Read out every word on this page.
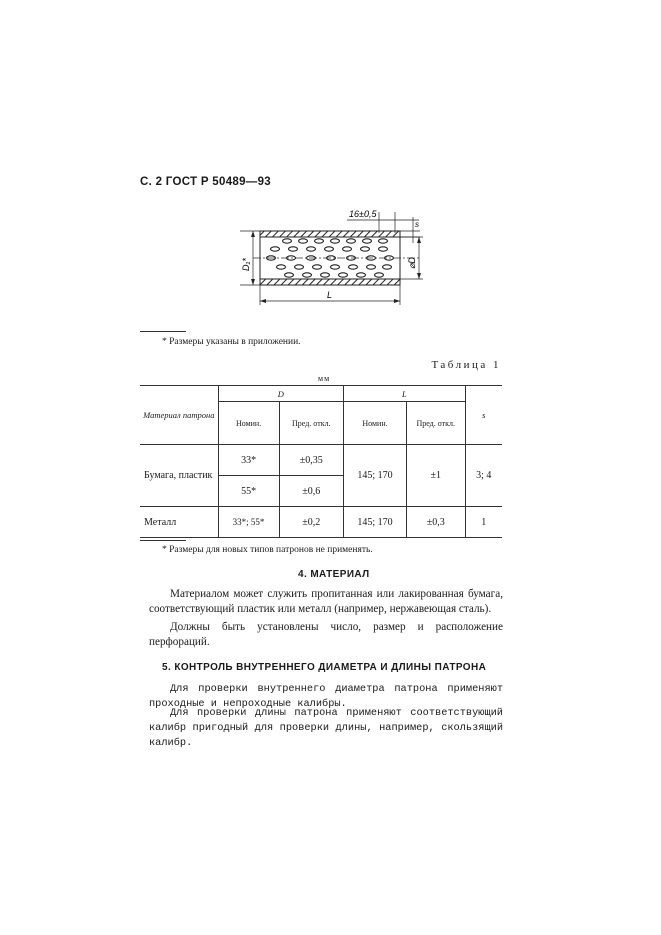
С. 2 ГОСТ Р 50489—93
16±0,5
s
D₁*	⌀D
L
* Размеры указаны в приложении.
Таблица 1
мм
Материал патрона	D		L		s
	Номин.	Пред. откл.	Номин.	Пред. откл.	
Бумага, пластик	33*	±0,35	145; 170	±1	3; 4
	55*	±0,6			
Металл	33*; 55*	±0,2	145; 170	±0,3	1
* Размеры для новых типов патронов не применять.
4. МАТЕРИАЛ

Материалом может служить пропитанная или лакированная бумага, соответствующий пластик или металл (например, нержавеющая сталь).

Должны быть установлены число, размер и расположение перфораций.

5. КОНТРОЛЬ ВНУТРЕННЕГО ДИАМЕТРА И ДЛИНЫ ПАТРОНА

Для проверки внутреннего диаметра патрона применяют проходные и непроходные калибры.

Для проверки длины патрона применяют соответствующий калибр пригодный для проверки длины, например, скользящий калибр.
